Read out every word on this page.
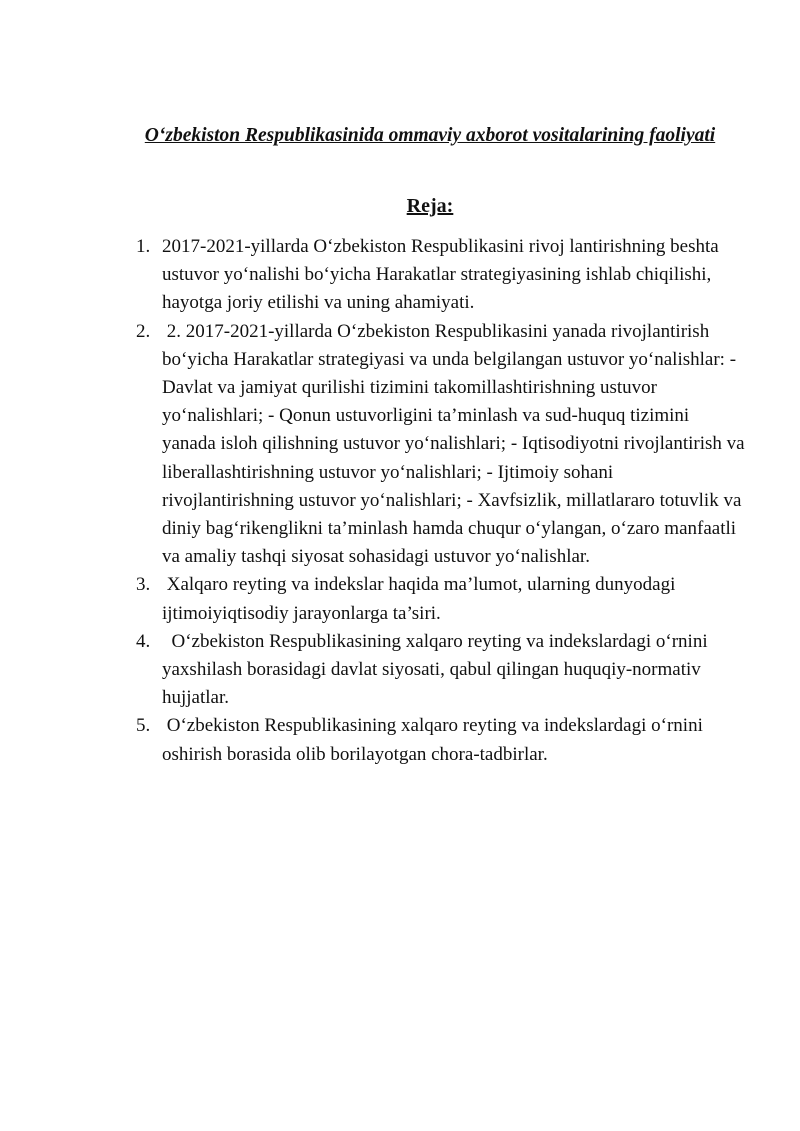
O‘zbekiston Respublikasinida ommaviy axborot vositalarining faoliyati
Reja:
1. 2017-2021-yillarda O‘zbekiston Respublikasini rivoj lantirishning beshta ustuvor yo‘nalishi bo‘yicha Harakatlar strategiyasining ishlab chiqilishi, hayotga joriy etilishi va uning ahamiyati.
2. 2. 2017-2021-yillarda O‘zbekiston Respublikasini yanada rivojlantirish bo‘yicha Harakatlar strategiyasi va unda belgilangan ustuvor yo‘nalishlar: - Davlat va jamiyat qurilishi tizimini takomillashtirishning ustuvor yo‘nalishlari; - Qonun ustuvorligini ta’minlash va sud-huquq tizimini yanada isloh qilishning ustuvor yo‘nalishlari; - Iqtisodiyotni rivojlantirish va liberallashtirishning ustuvor yo‘nalishlari; - Ijtimoiy sohani rivojlantirishning ustuvor yo‘nalishlari; - Xavfsizlik, millatlararo totuvlik va diniy bag‘rikenglikni ta’minlash hamda chuqur o‘ylangan, o‘zaro manfaatli va amaliy tashqi siyosat sohasidagi ustuvor yo‘nalishlar.
3. Xalqaro reyting va indekslar haqida ma’lumot, ularning dunyodagi ijtimoiyiqtisodiy jarayonlarga ta’siri.
4. O‘zbekiston Respublikasining xalqaro reyting va indekslardagi o‘rnini yaxshilash borasidagi davlat siyosati, qabul qilingan huquqiy-normativ hujjatlar.
5. O‘zbekiston Respublikasining xalqaro reyting va indekslardagi o‘rnini oshirish borasida olib borilayotgan chora-tadbirlar.
